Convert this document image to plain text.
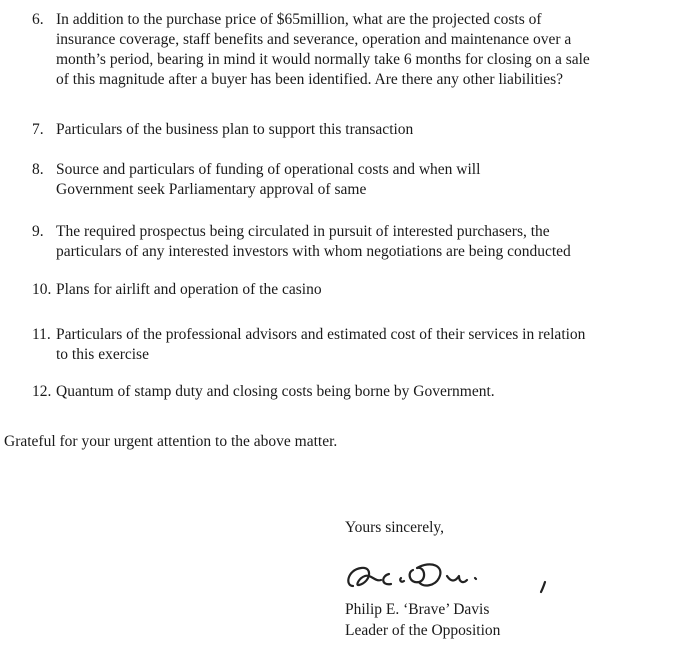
6. In addition to the purchase price of $65million, what are the projected costs of
insurance coverage, staff benefits and severance, operation and maintenance over a
month’s period, bearing in mind it would normally take 6 months for closing on a sale
of this magnitude after a buyer has been identified. Are there any other liabilities?
7. Particulars of the business plan to support this transaction
8. Source and particulars of funding of operational costs and when will
Government seek Parliamentary approval of same
9. The required prospectus being circulated in pursuit of interested purchasers, the
particulars of any interested investors with whom negotiations are being conducted
10. Plans for airlift and operation of the casino
11. Particulars of the professional advisors and estimated cost of their services in relation
to this exercise
12. Quantum of stamp duty and closing costs being borne by Government.
Grateful for your urgent attention to the above matter.
Yours sincerely,
Philip E. ‘Brave’ Davis
Leader of the Opposition
